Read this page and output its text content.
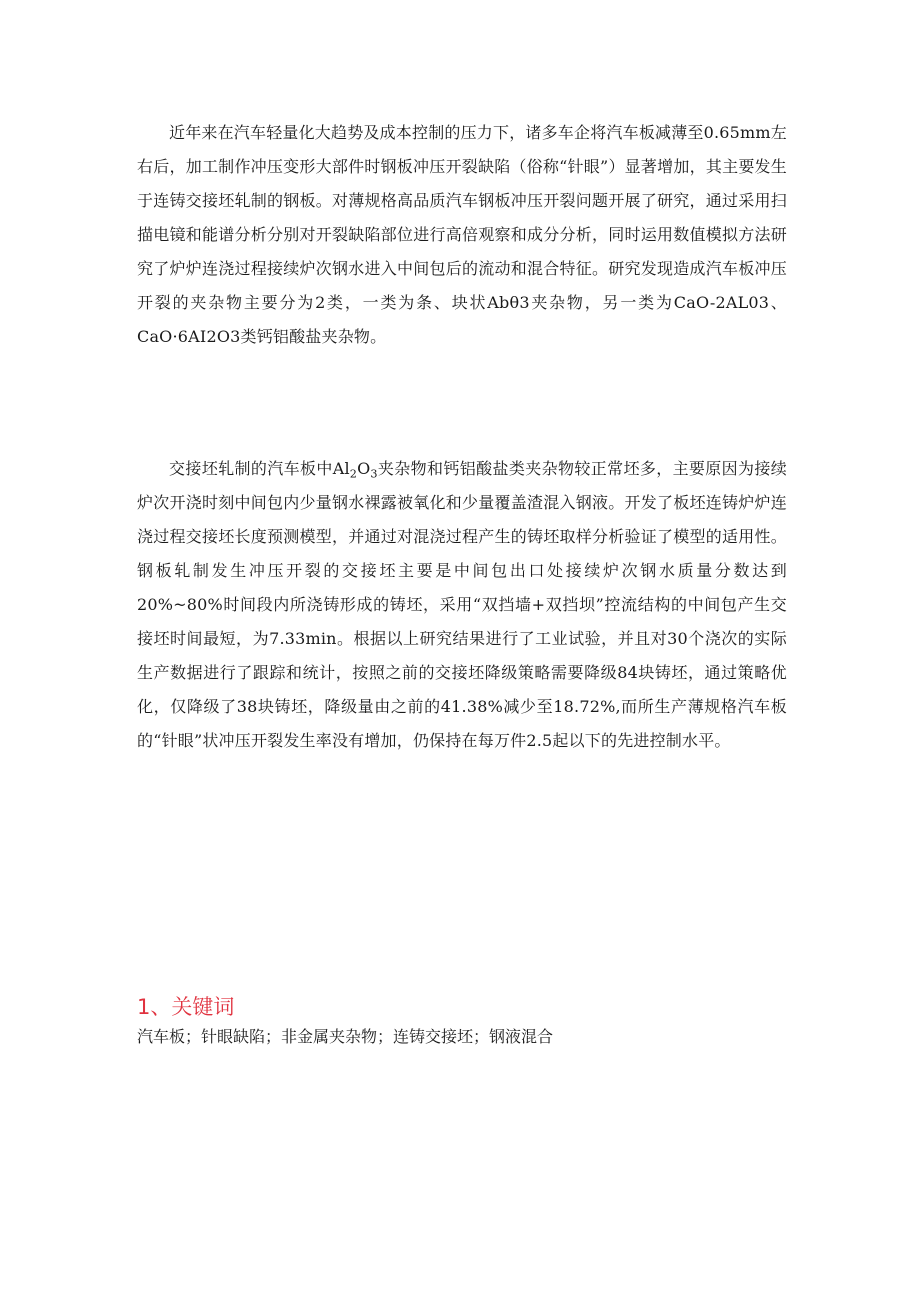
近年来在汽车轻量化大趋势及成本控制的压力下，诸多车企将汽车板减薄至0.65mm左右后，加工制作冲压变形大部件时钢板冲压开裂缺陷（俗称“针眼”）显著增加，其主要发生于连铸交接坯轧制的钢板。对薄规格高品质汽车钢板冲压开裂问题开展了研究，通过采用扫描电镜和能谱分析分别对开裂缺陷部位进行高倍观察和成分分析，同时运用数值模拟方法研究了炉炉连浇过程接续炉次钢水进入中间包后的流动和混合特征。研究发现造成汽车板冲压开裂的夹杂物主要分为2类，一类为条、块状Abθ3夹杂物，另一类为CaO-2AL03、CaO·6AI2O3类钙铝酸盐夹杂物。

交接坯轧制的汽车板中$Al_2O_3$夹杂物和钙铝酸盐类夹杂物较正常坯多，主要原因为接续炉次开浇时刻中间包内少量钢水裸露被氧化和少量覆盖渣混入钢液。开发了板坯连铸炉炉连浇过程交接坯长度预测模型，并通过对混浇过程产生的铸坯取样分析验证了模型的适用性。钢板轧制发生冲压开裂的交接坯主要是中间包出口处接续炉次钢水质量分数达到20%~80%时间段内所浇铸形成的铸坯，采用“双挡墙+双挡坝”控流结构的中间包产生交接坯时间最短，为7.33min。根据以上研究结果进行了工业试验，并且对30个浇次的实际生产数据进行了跟踪和统计，按照之前的交接坯降级策略需要降级84块铸坯，通过策略优化，仅降级了38块铸坯，降级量由之前的41.38%减少至18.72%,而所生产薄规格汽车板的“针眼”状冲压开裂发生率没有增加，仍保持在每万件2.5起以下的先进控制水平。

1、关键词

汽车板；针眼缺陷；非金属夹杂物；连铸交接坯；钢液混合
